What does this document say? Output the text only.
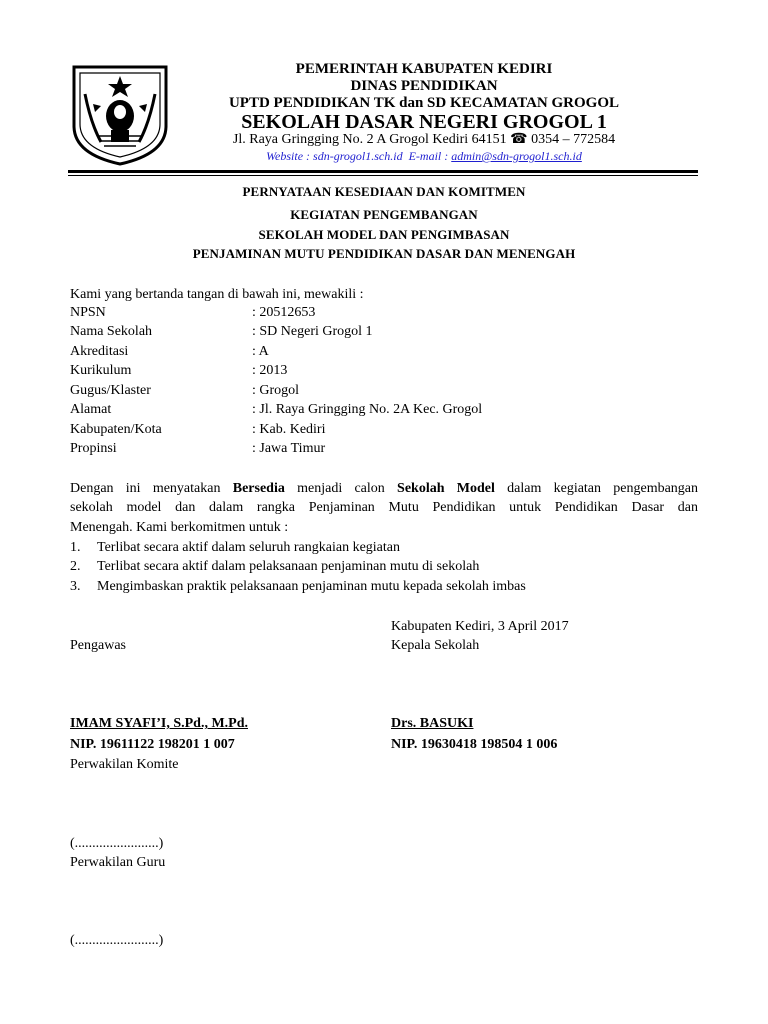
PEMERINTAH KABUPATEN KEDIRI
DINAS PENDIDIKAN
UPTD PENDIDIKAN TK dan SD KECAMATAN GROGOL
SEKOLAH DASAR NEGERI GROGOL 1
Jl. Raya Gringging No. 2 A Grogol Kediri 64151 ☎ 0354 – 772584
Website : sdn-grogol1.sch.id E-mail : admin@sdn-grogol1.sch.id
PERNYATAAN KESEDIAAN DAN KOMITMEN
KEGIATAN PENGEMBANGAN
SEKOLAH MODEL DAN PENGIMBASAN
PENJAMINAN MUTU PENDIDIKAN DASAR DAN MENENGAH
Kami yang bertanda tangan di bawah ini, mewakili :
NPSN	: 20512653
Nama Sekolah	: SD Negeri Grogol 1
Akreditasi	: A
Kurikulum	: 2013
Gugus/Klaster	: Grogol
Alamat	: Jl. Raya Gringging No. 2A Kec. Grogol
Kabupaten/Kota	: Kab. Kediri
Propinsi	: Jawa Timur
Dengan ini menyatakan Bersedia menjadi calon Sekolah Model dalam kegiatan pengembangan
sekolah model dan dalam rangka Penjaminan Mutu Pendidikan untuk Pendidikan Dasar dan
Menengah. Kami berkomitmen untuk :
1. Terlibat secara aktif dalam seluruh rangkaian kegiatan
2. Terlibat secara aktif dalam pelaksanaan penjaminan mutu di sekolah
3. Mengimbaskan praktik pelaksanaan penjaminan mutu kepada sekolah imbas
Kabupaten Kediri, 3 April 2017
Pengawas	Kepala Sekolah
IMAM SYAFI’I, S.Pd., M.Pd.	Drs. BASUKI
NIP. 19611122 198201 1 007	NIP. 19630418 198504 1 006
Perwakilan Komite
(........................)
Perwakilan Guru
(........................)
